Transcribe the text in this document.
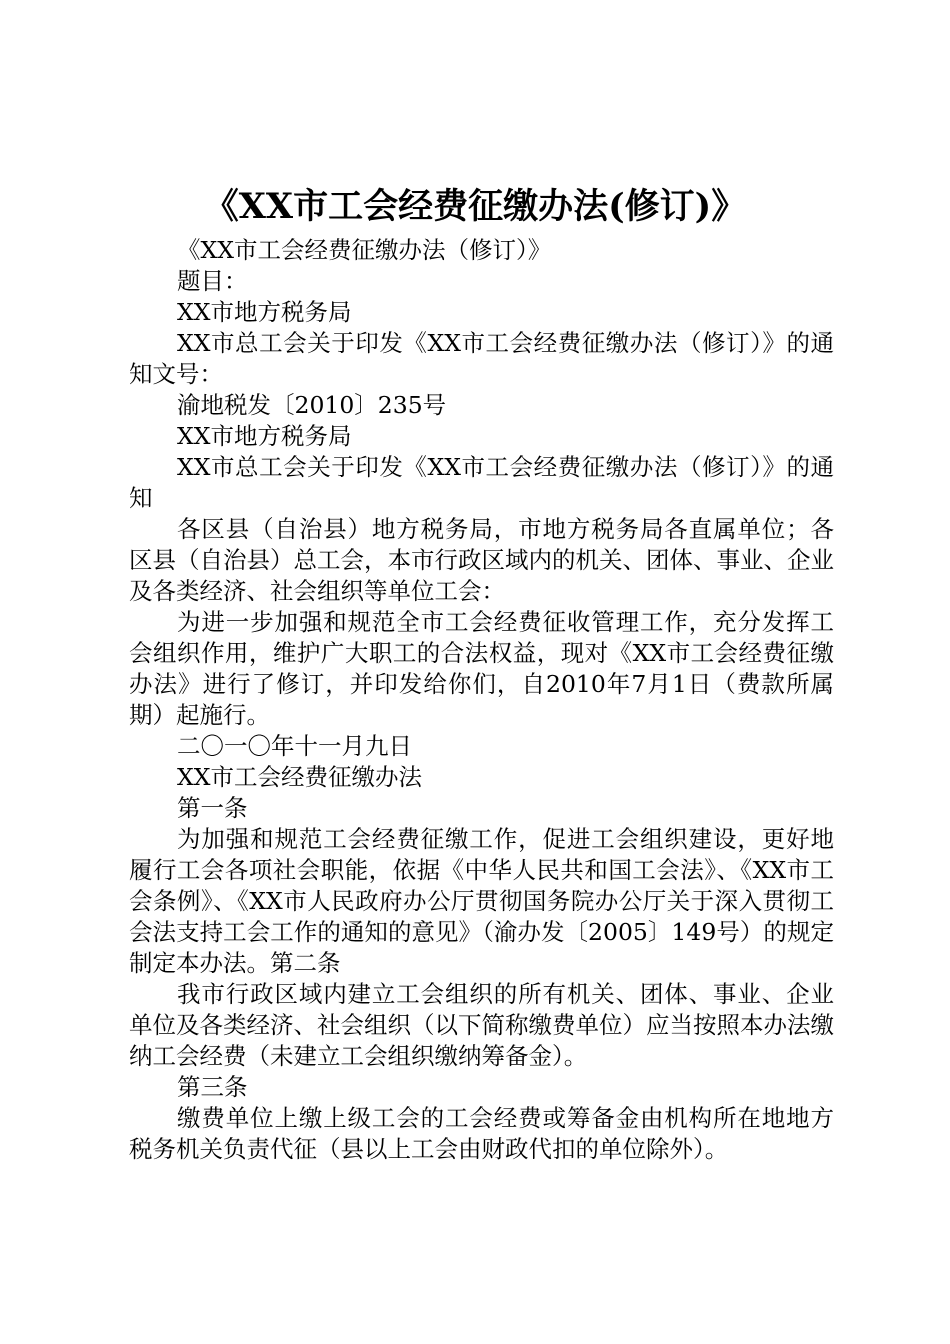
《XX市工会经费征缴办法(修订)》

《XX市工会经费征缴办法（修订）》

题目：

XX市地方税务局

XX市总工会关于印发《XX市工会经费征缴办法（修订）》的通知文号：

渝地税发〔2010〕235号

XX市地方税务局

XX市总工会关于印发《XX市工会经费征缴办法（修订）》的通知

各区县（自治县）地方税务局，市地方税务局各直属单位；各区县（自治县）总工会，本市行政区域内的机关、团体、事业、企业及各类经济、社会组织等单位工会：

为进一步加强和规范全市工会经费征收管理工作，充分发挥工会组织作用，维护广大职工的合法权益，现对《XX市工会经费征缴办法》进行了修订，并印发给你们，自2010年7月1日（费款所属期）起施行。

二〇一〇年十一月九日

XX市工会经费征缴办法

第一条

为加强和规范工会经费征缴工作，促进工会组织建设，更好地履行工会各项社会职能，依据《中华人民共和国工会法》、《XX市工会条例》、《XX市人民政府办公厅贯彻国务院办公厅关于深入贯彻工会法支持工会工作的通知的意见》（渝办发〔2005〕149号）的规定制定本办法。第二条

我市行政区域内建立工会组织的所有机关、团体、事业、企业单位及各类经济、社会组织（以下简称缴费单位）应当按照本办法缴纳工会经费（未建立工会组织缴纳筹备金）。

第三条

缴费单位上缴上级工会的工会经费或筹备金由机构所在地地方税务机关负责代征（县以上工会由财政代扣的单位除外）。
